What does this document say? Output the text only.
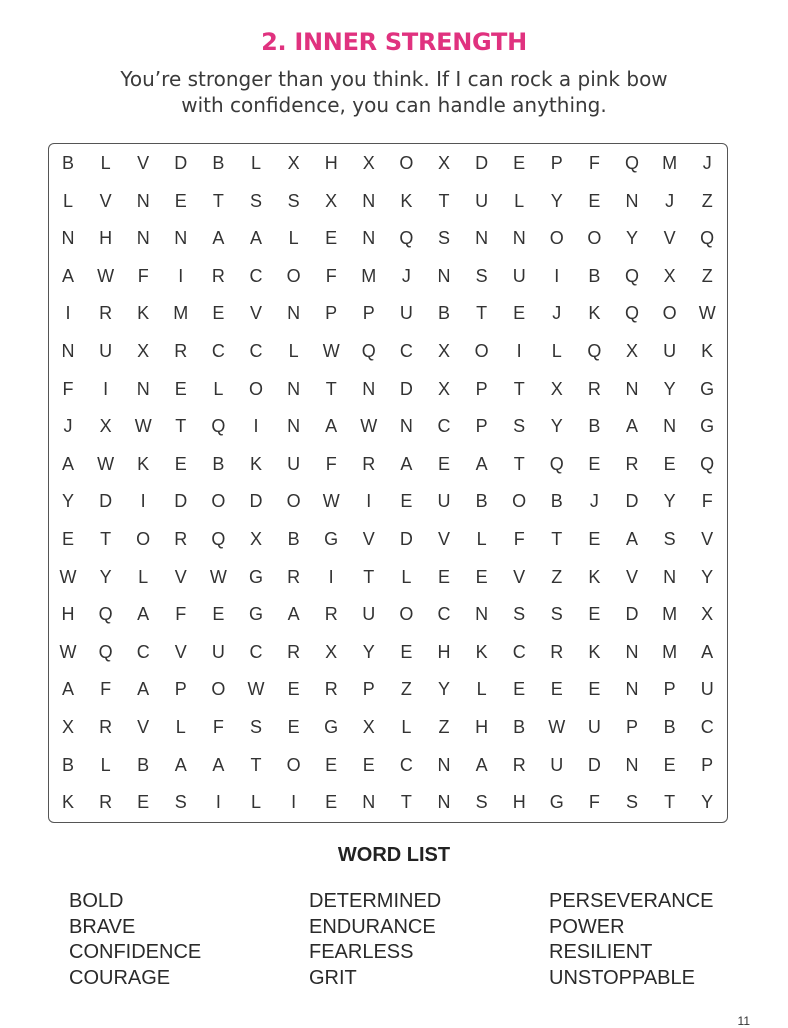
2. INNER STRENGTH
You’re stronger than you think. If I can rock a pink bow
with confidence, you can handle anything.
B	L	V	D	B	L	X	H	X	O	X	D	E	P	F	Q	M	J
L	V	N	E	T	S	S	X	N	K	T	U	L	Y	E	N	J	Z
N	H	N	N	A	A	L	E	N	Q	S	N	N	O	O	Y	V	Q
A	W	F	I	R	C	O	F	M	J	N	S	U	I	B	Q	X	Z
I	R	K	M	E	V	N	P	P	U	B	T	E	J	K	Q	O	W
N	U	X	R	C	C	L	W	Q	C	X	O	I	L	Q	X	U	K
F	I	N	E	L	O	N	T	N	D	X	P	T	X	R	N	Y	G
J	X	W	T	Q	I	N	A	W	N	C	P	S	Y	B	A	N	G
A	W	K	E	B	K	U	F	R	A	E	A	T	Q	E	R	E	Q
Y	D	I	D	O	D	O	W	I	E	U	B	O	B	J	D	Y	F
E	T	O	R	Q	X	B	G	V	D	V	L	F	T	E	A	S	V
W	Y	L	V	W	G	R	I	T	L	E	E	V	Z	K	V	N	Y
H	Q	A	F	E	G	A	R	U	O	C	N	S	S	E	D	M	X
W	Q	C	V	U	C	R	X	Y	E	H	K	C	R	K	N	M	A
A	F	A	P	O	W	E	R	P	Z	Y	L	E	E	E	N	P	U
X	R	V	L	F	S	E	G	X	L	Z	H	B	W	U	P	B	C
B	L	B	A	A	T	O	E	E	C	N	A	R	U	D	N	E	P
K	R	E	S	I	L	I	E	N	T	N	S	H	G	F	S	T	Y
WORD LIST
BOLD
BRAVE
CONFIDENCE
COURAGE
DETERMINED
ENDURANCE
FEARLESS
GRIT
PERSEVERANCE
POWER
RESILIENT
UNSTOPPABLE
11
